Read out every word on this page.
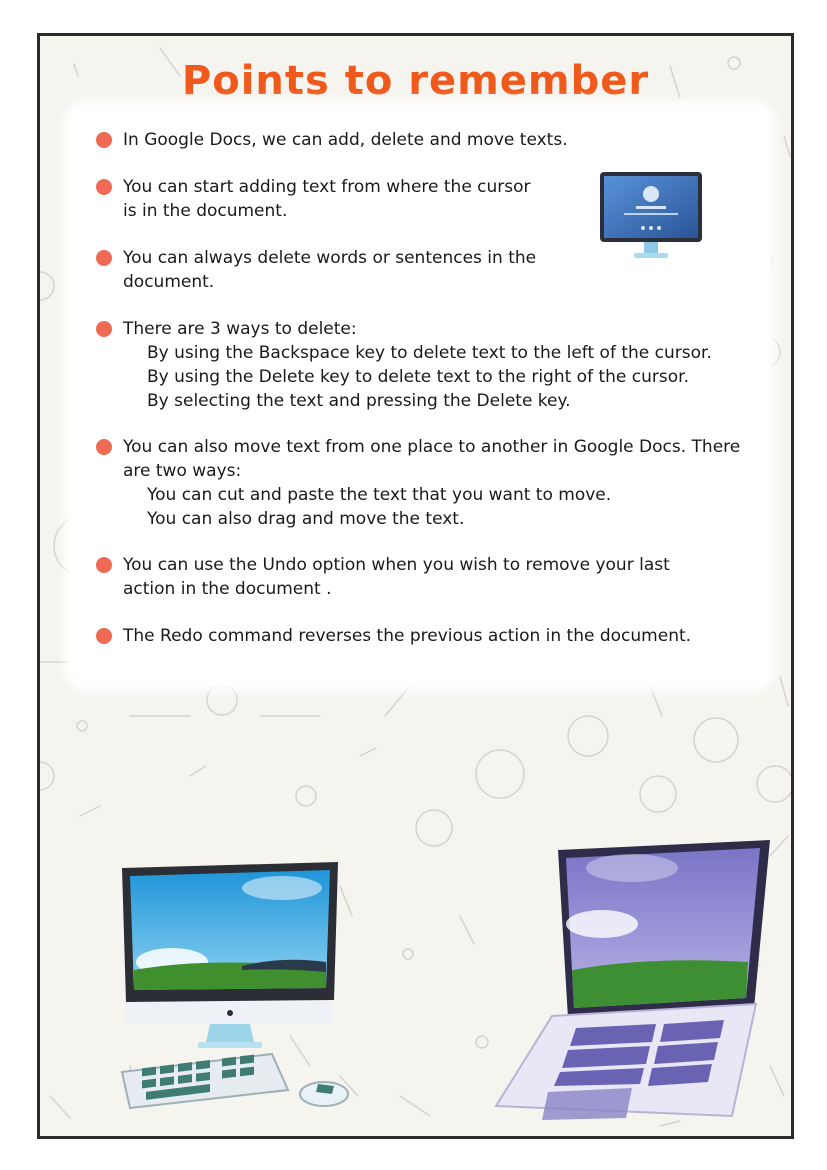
Points to remember

In Google Docs, we can add, delete and move texts.

You can start adding text from where the cursor
is in the document.

You can always delete words or sentences in the
document.

There are 3 ways to delete:
By using the Backspace key to delete text to the left of the cursor.
By using the Delete key to delete text to the right of the cursor.
By selecting the text and pressing the Delete key.

You can also move text from one place to another in Google Docs. There
are two ways:
You can cut and paste the text that you want to move.
You can also drag and move the text.

You can use the Undo option when you wish to remove your last
action in the document .

The Redo command reverses the previous action in the document.
